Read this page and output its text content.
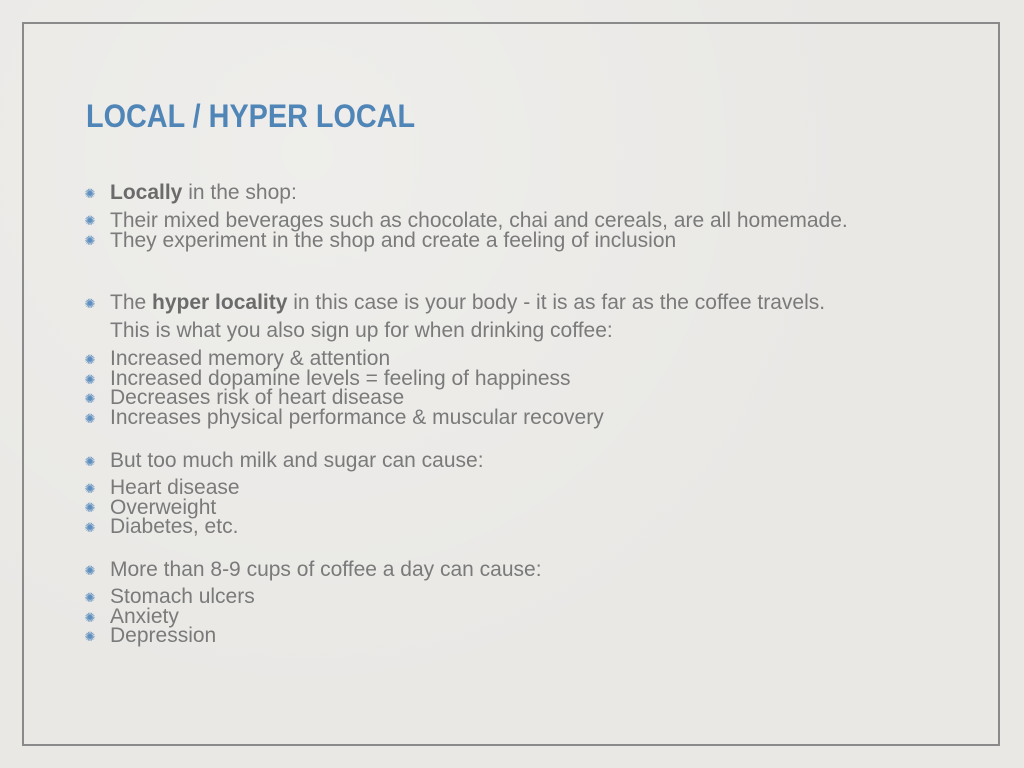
LOCAL / HYPER LOCAL
✺ Locally in the shop:
✺ Their mixed beverages such as chocolate, chai and cereals, are all homemade.
✺ They experiment in the shop and create a feeling of inclusion
✺ The hyper locality in this case is your body - it is as far as the coffee travels.
This is what you also sign up for when drinking coffee:
✺ Increased memory & attention
✺ Increased dopamine levels = feeling of happiness
✺ Decreases risk of heart disease
✺ Increases physical performance & muscular recovery
✺ But too much milk and sugar can cause:
✺ Heart disease
✺ Overweight
✺ Diabetes, etc.
✺ More than 8-9 cups of coffee a day can cause:
✺ Stomach ulcers
✺ Anxiety
✺ Depression
